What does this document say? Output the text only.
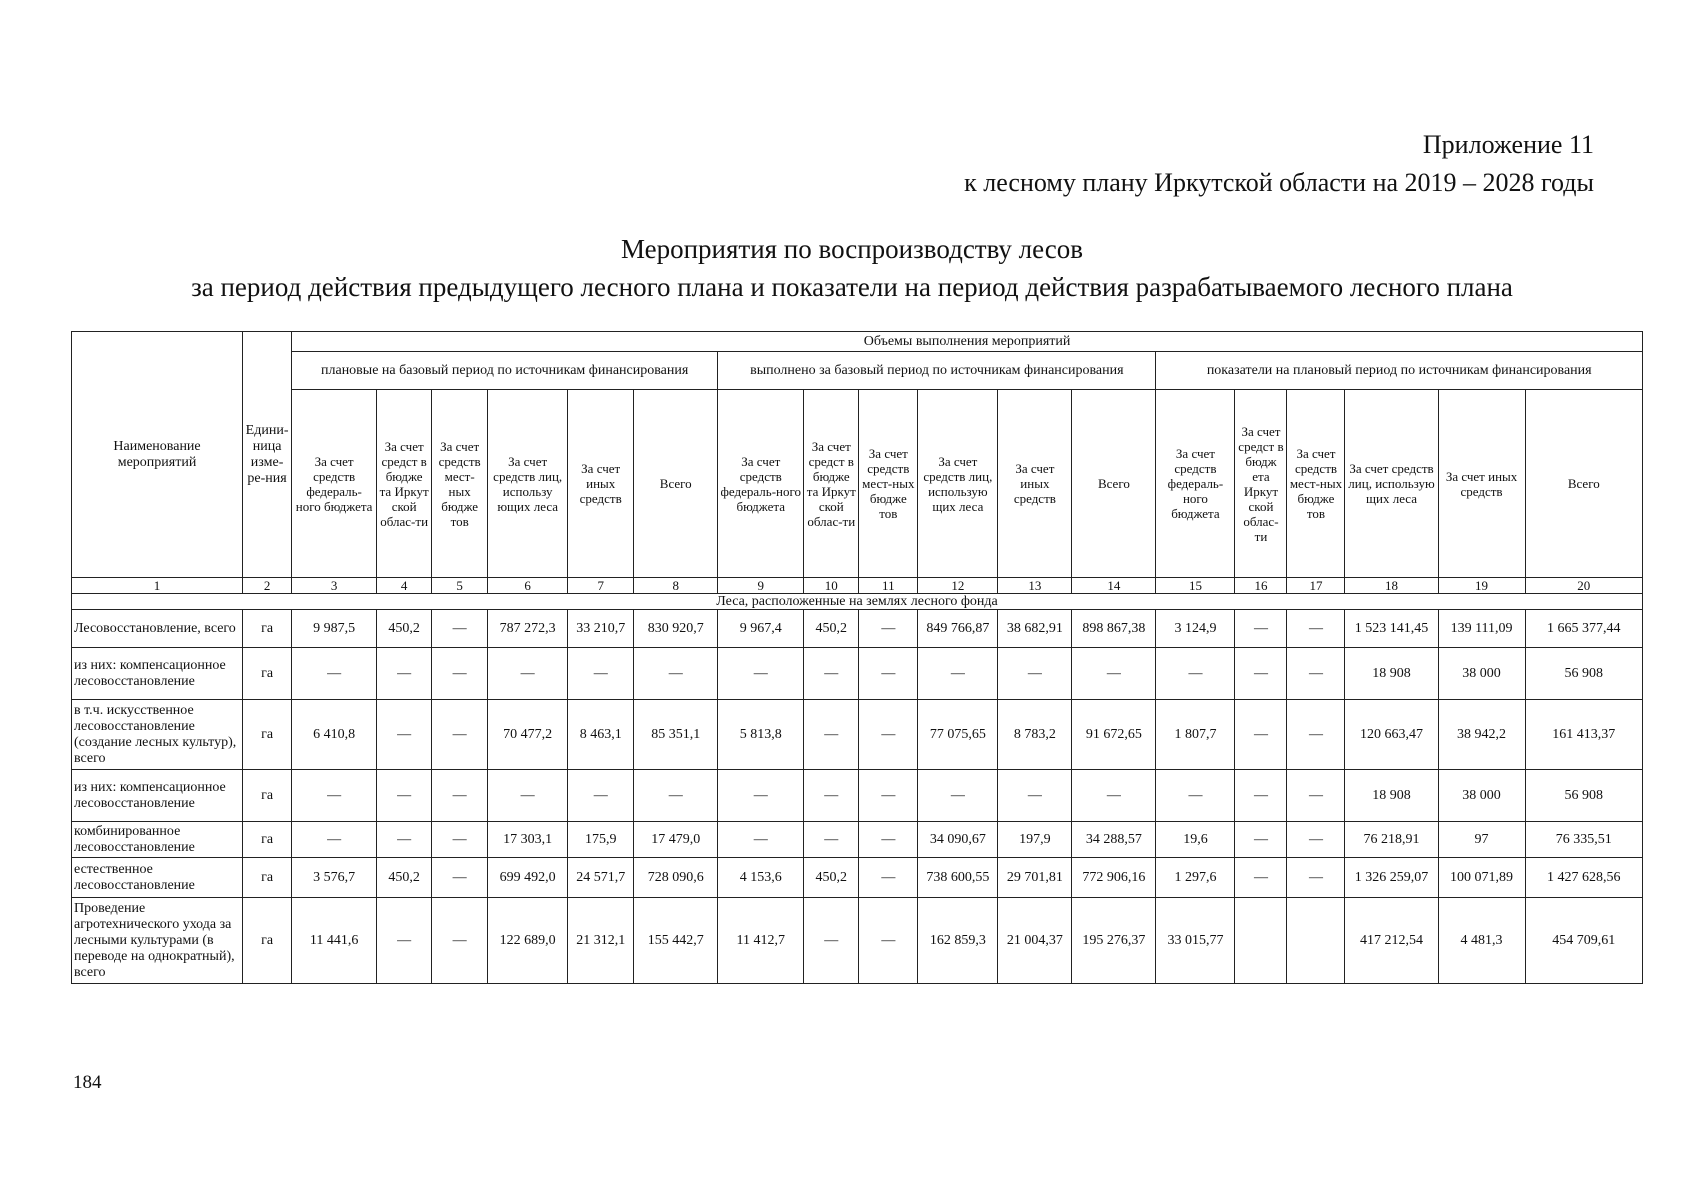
Приложение 11
к лесному плану Иркутской области на 2019 – 2028 годы
Мероприятия по воспроизводству лесов
за период действия предыдущего лесного плана и показатели на период действия разрабатываемого лесного плана
Наименование мероприятий	Едини-ница изме-ре-ния	Объемы выполнения мероприятий																	
		плановые на базовый период по источникам финансирования						выполнено за базовый период по источникам финансирования						показатели на плановый период по источникам финансирования					
		За счет средств федераль-ного бюджета	За счет средст в бюдже та Иркут ской облас-ти	За счет средств мест-ных бюдже тов	За счет средств лиц, использу ющих леса	За счет иных средств	Всего	За счет средств федераль-ного бюджета	За счет средст в бюдже та Иркут ской облас-ти	За счет средств мест-ных бюдже тов	За счет средств лиц, использую щих леса	За счет иных средств	Всего	За счет средств федераль-ного бюджета	За счет средст в бюдж ета Иркут ской облас-ти	За счет средств мест-ных бюдже тов	За счет средств лиц, использую щих леса	За счет иных средств	Всего
1	2	3	4	5	6	7	8	9	10	11	12	13	14	15	16	17	18	19	20
Леса, расположенные на землях лесного фонда																			
Лесовосстановление, всего	га	9 987,5	450,2	—	787 272,3	33 210,7	830 920,7	9 967,4	450,2	—	849 766,87	38 682,91	898 867,38	3 124,9	—	—	1 523 141,45	139 111,09	1 665 377,44
из них: компенсационное лесовосстановление	га	—	—	—	—	—	—	—	—	—	—	—	—	—	—	—	18 908	38 000	56 908
в т.ч. искусственное лесовосстановление (создание лесных культур), всего	га	6 410,8	—	—	70 477,2	8 463,1	85 351,1	5 813,8	—	—	77 075,65	8 783,2	91 672,65	1 807,7	—	—	120 663,47	38 942,2	161 413,37
из них: компенсационное лесовосстановление	га	—	—	—	—	—	—	—	—	—	—	—	—	—	—	—	18 908	38 000	56 908
комбинированное лесовосстановление	га	—	—	—	17 303,1	175,9	17 479,0	—	—	—	34 090,67	197,9	34 288,57	19,6	—	—	76 218,91	97	76 335,51
естественное лесовосстановление	га	3 576,7	450,2	—	699 492,0	24 571,7	728 090,6	4 153,6	450,2	—	738 600,55	29 701,81	772 906,16	1 297,6	—	—	1 326 259,07	100 071,89	1 427 628,56
Проведение агротехнического ухода за лесными культурами (в переводе на однократный), всего	га	11 441,6	—	—	122 689,0	21 312,1	155 442,7	11 412,7	—	—	162 859,3	21 004,37	195 276,37	33 015,77			417 212,54	4 481,3	454 709,61
184
